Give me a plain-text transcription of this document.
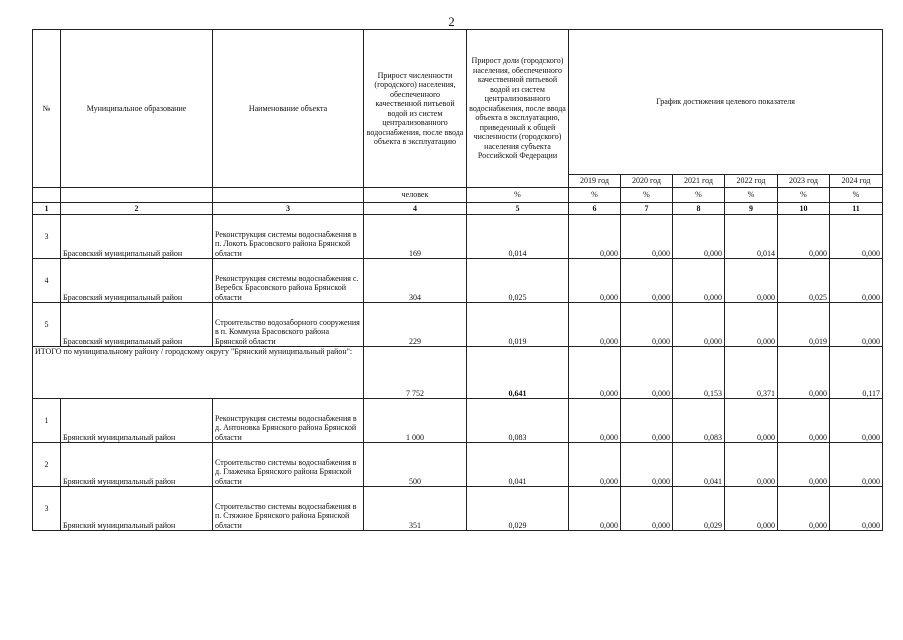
2
№	Муниципальное образование	Наименование объекта	Прирост численности (городского) населения, обеспеченного качественной питьевой водой из систем централизованного водоснабжения, после ввода объекта в эксплуатацию	Прирост доли (городского) населения, обеспеченного качественной питьевой водой из систем централизованного водоснабжения, после ввода объекта в эксплуатацию, приведенный к общей численности (городского) населения субъекта Российской Федерации	График достижения целевого показателя					
					2019 год	2020 год	2021 год	2022 год	2023 год	2024 год
			человек	%	%	%	%	%	%	%
1	2	3	4	5	6	7	8	9	10	11
3	Брасовский муниципальный район	Реконструкция системы водоснабжения в п. Локоть Брасовского района Брянской области	169	0,014	0,000	0,000	0,000	0,014	0,000	0,000
4	Брасовский муниципальный район	Реконструкция системы водоснабжения с. Веребск Брасовского района Брянской области	304	0,025	0,000	0,000	0,000	0,000	0,025	0,000
5	Брасовский муниципальный район	Строительство водозаборного сооружения в п. Коммуна Брасовского района Брянской области	229	0,019	0,000	0,000	0,000	0,000	0,019	0,000
ИТОГО по муниципальному району / городскому округу "Брянский муниципальный район":			7 752	0,641	0,000	0,000	0,153	0,371	0,000	0,117
1	Брянский муниципальный район	Реконструкция системы водоснабжения в д. Антоновка Брянского района Брянской области	1 000	0,083	0,000	0,000	0,083	0,000	0,000	0,000
2	Брянский муниципальный район	Строительство системы водоснабжения в д. Глаженка Брянского района Брянской области	500	0,041	0,000	0,000	0,041	0,000	0,000	0,000
3	Брянский муниципальный район	Строительство системы водоснабжения в п. Стяжное Брянского района Брянской области	351	0,029	0,000	0,000	0,029	0,000	0,000	0,000
